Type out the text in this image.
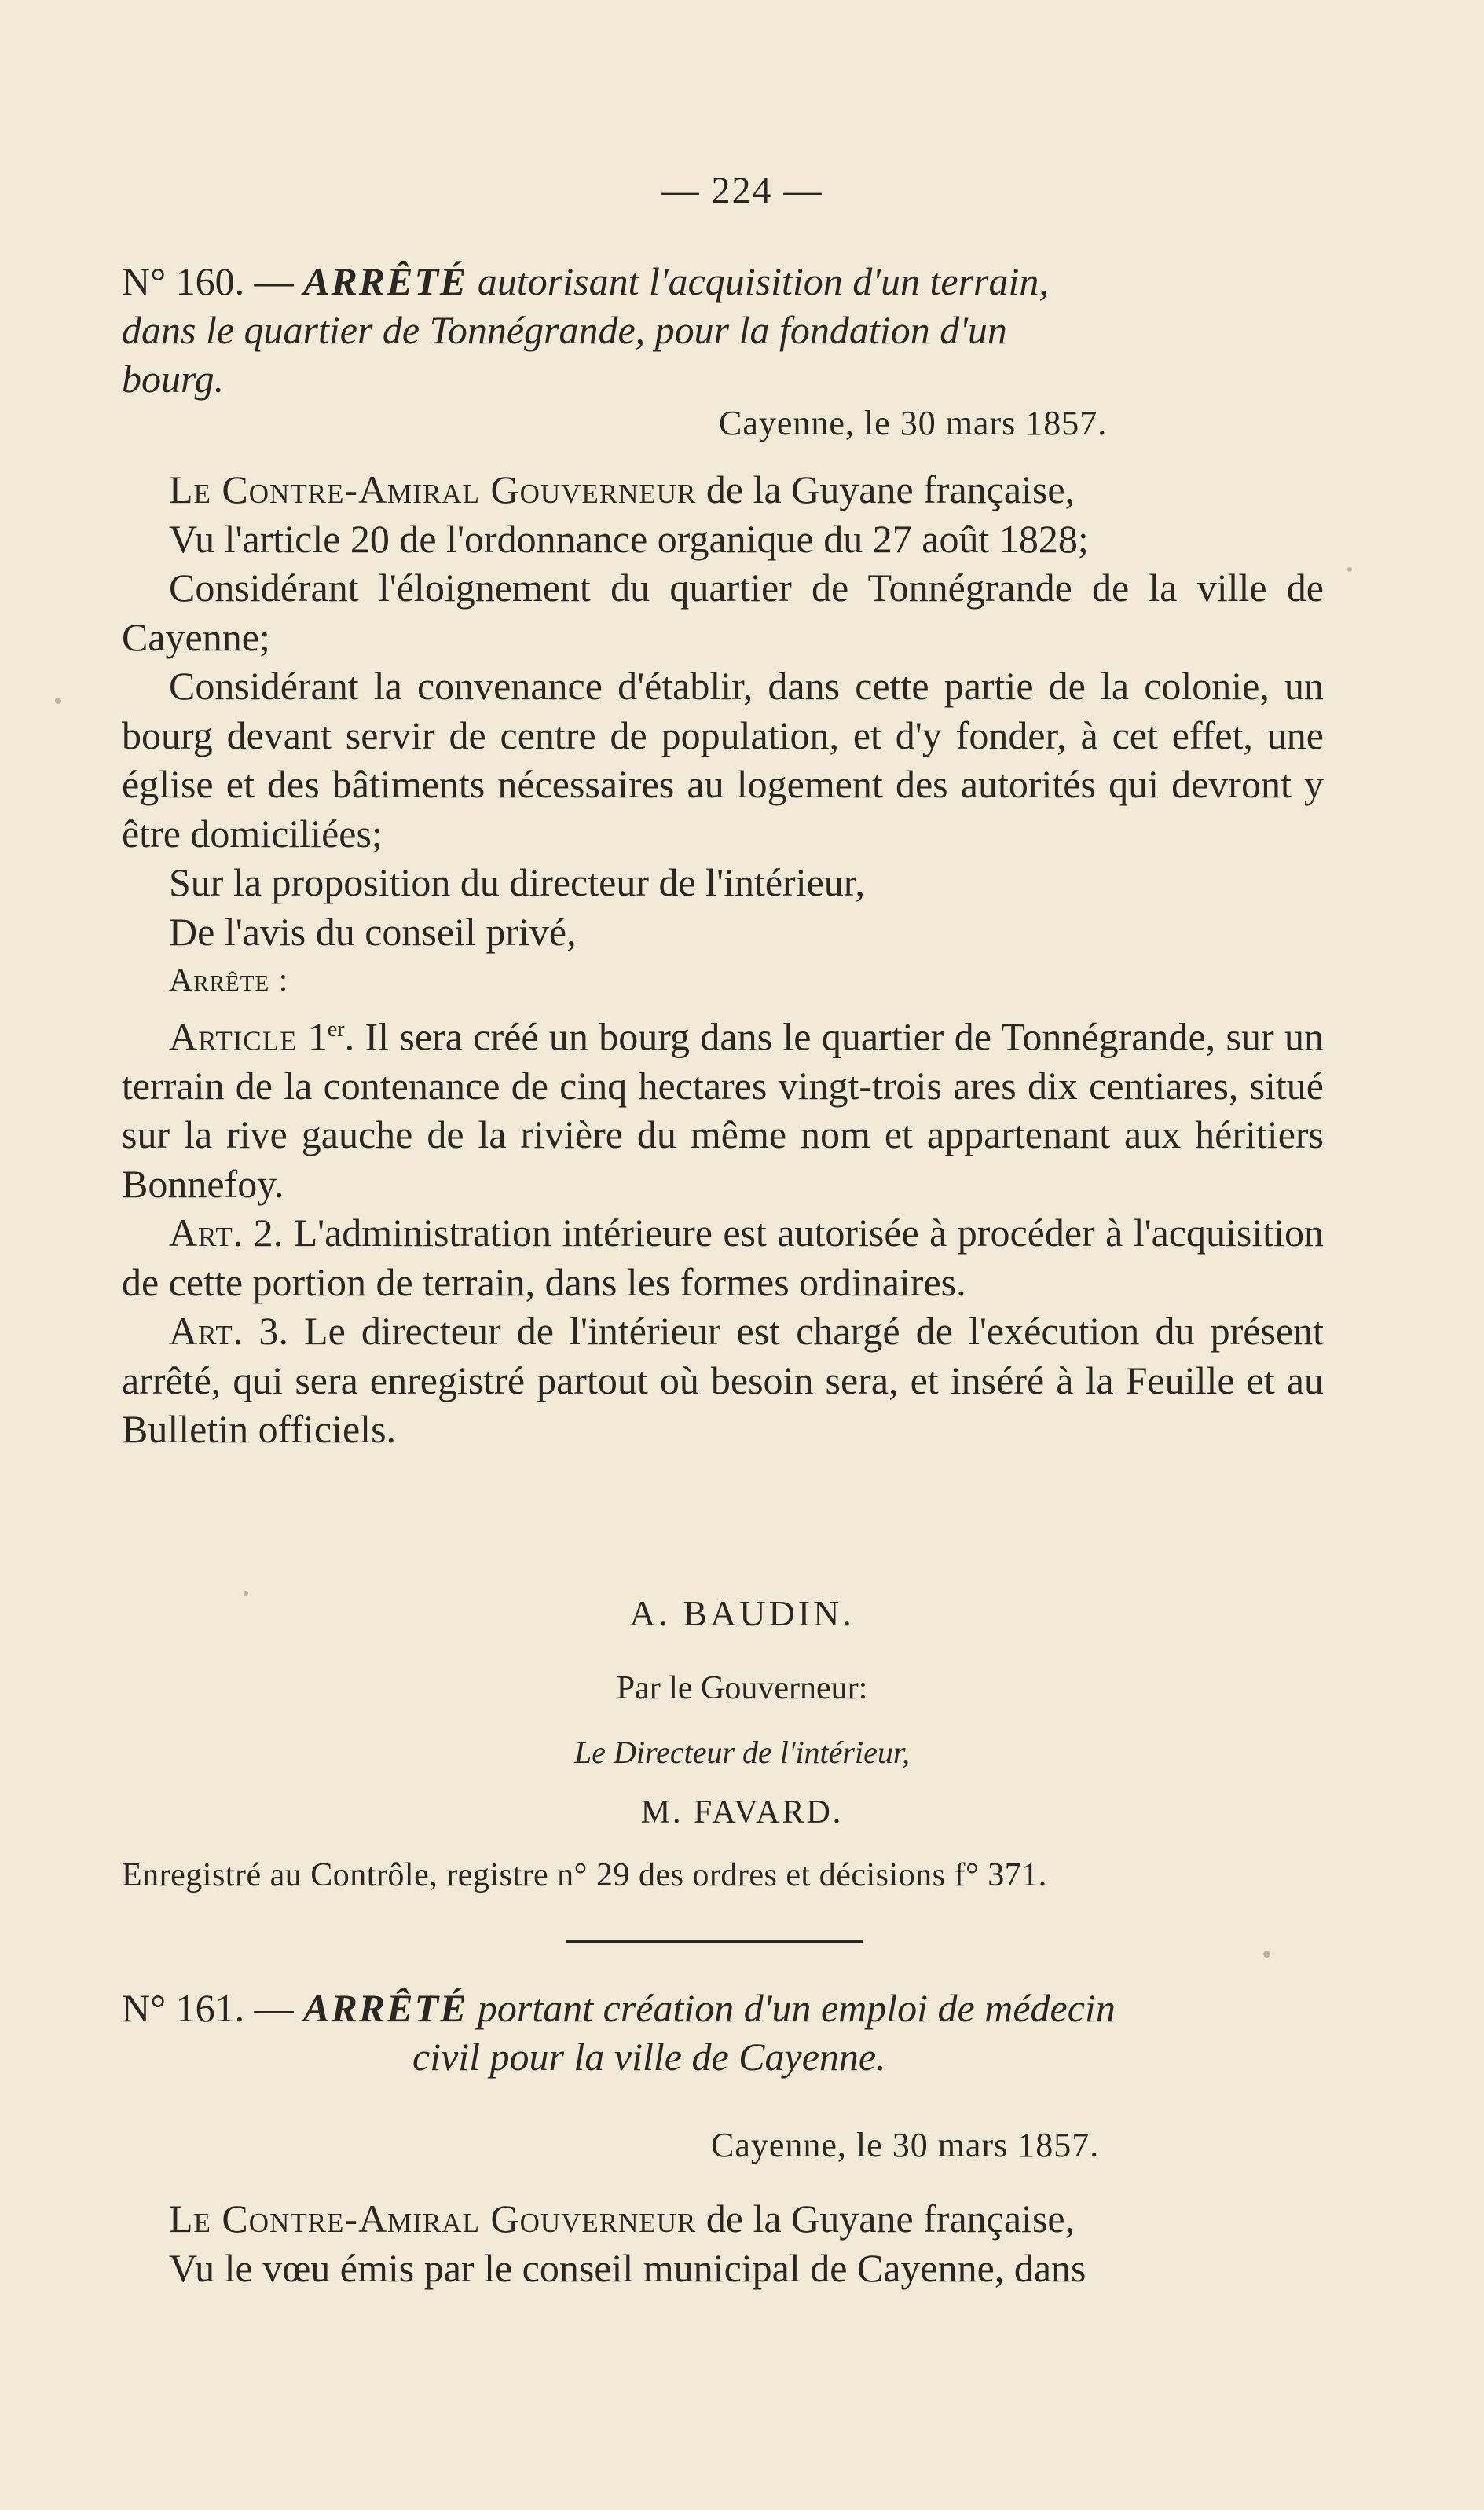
— 224 —
N° 160. — ARRÊTÉ autorisant l'acquisition d'un terrain,
dans le quartier de Tonnégrande, pour la fondation d'un
bourg.
Cayenne, le 30 mars 1857.

Le Contre-Amiral Gouverneur de la Guyane française,

Vu l'article 20 de l'ordonnance organique du 27 août 1828;

Considérant l'éloignement du quartier de Tonnégrande de la ville de Cayenne;

Considérant la convenance d'établir, dans cette partie de la colonie, un bourg devant servir de centre de population, et d'y fonder, à cet effet, une église et des bâtiments nécessaires au logement des autorités qui devront y être domiciliées;

Sur la proposition du directeur de l'intérieur,

De l'avis du conseil privé,

Arrête :

Article 1er. Il sera créé un bourg dans le quartier de Tonnégrande, sur un terrain de la contenance de cinq hectares vingt-trois ares dix centiares, situé sur la rive gauche de la rivière du même nom et appartenant aux héritiers Bonnefoy.

Art. 2. L'administration intérieure est autorisée à procéder à l'acquisition de cette portion de terrain, dans les formes ordinaires.

Art. 3. Le directeur de l'intérieur est chargé de l'exécution du présent arrêté, qui sera enregistré partout où besoin sera, et inséré à la Feuille et au Bulletin officiels.

A. BAUDIN.
Par le Gouverneur:
Le Directeur de l'intérieur,
M. FAVARD.
Enregistré au Contrôle, registre n° 29 des ordres et décisions f° 371.
N° 161. — ARRÊTÉ portant création d'un emploi de médecin
civil pour la ville de Cayenne.
Cayenne, le 30 mars 1857.

Le Contre-Amiral Gouverneur de la Guyane française,

Vu le vœu émis par le conseil municipal de Cayenne, dans
